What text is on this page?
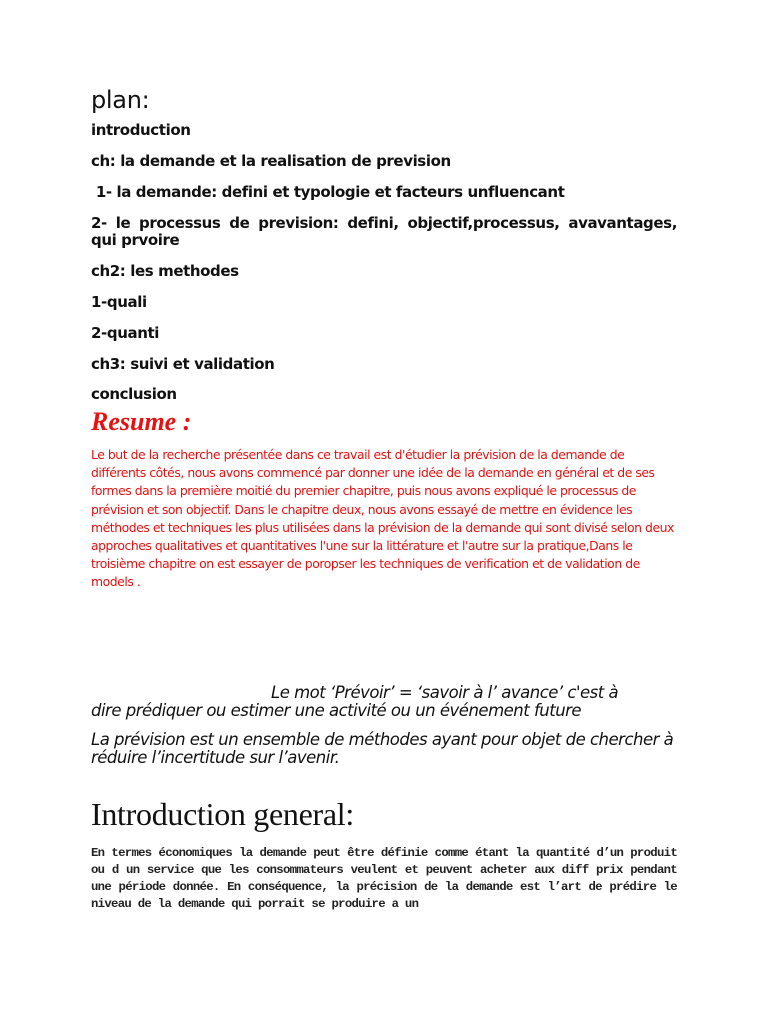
plan:
introduction
ch: la demande et la realisation de prevision
1- la demande: defini et typologie et facteurs unfluencant
2- le processus de prevision: defini, objectif,processus, avavantages, qui prvoire
ch2: les methodes
1-quali
2-quanti
ch3: suivi et validation
conclusion
Resume :
Le but de la recherche présentée dans ce travail est d'étudier la prévision de la demande de différents côtés, nous avons commencé par donner une idée de la demande en général et de ses formes dans la première moitié du premier chapitre, puis nous avons expliqué le processus de prévision et son objectif. Dans le chapitre deux, nous avons essayé de mettre en évidence les méthodes et techniques les plus utilisées dans la prévision de la demande qui sont divisé selon deux approches qualitatives et quantitatives l'une sur la littérature et l'autre sur la pratique,Dans le troisième chapitre on est essayer de poropser les techniques de verification et de validation de models .
Le mot ‘Prévoir’ = ‘savoir à l’ avance’ c'est à
dire prédiquer ou estimer une activité ou un événement future
La prévision est un ensemble de méthodes ayant pour objet de chercher à réduire l’incertitude sur l’avenir.
Introduction general:
En termes économiques la demande peut être définie comme étant la quantité d’un produit ou d un service que les consommateurs veulent et peuvent acheter aux diff prix pendant une période donnée. En conséquence, la précision de la demande est l’art de prédire le niveau de la demande qui porrait se produire a un
